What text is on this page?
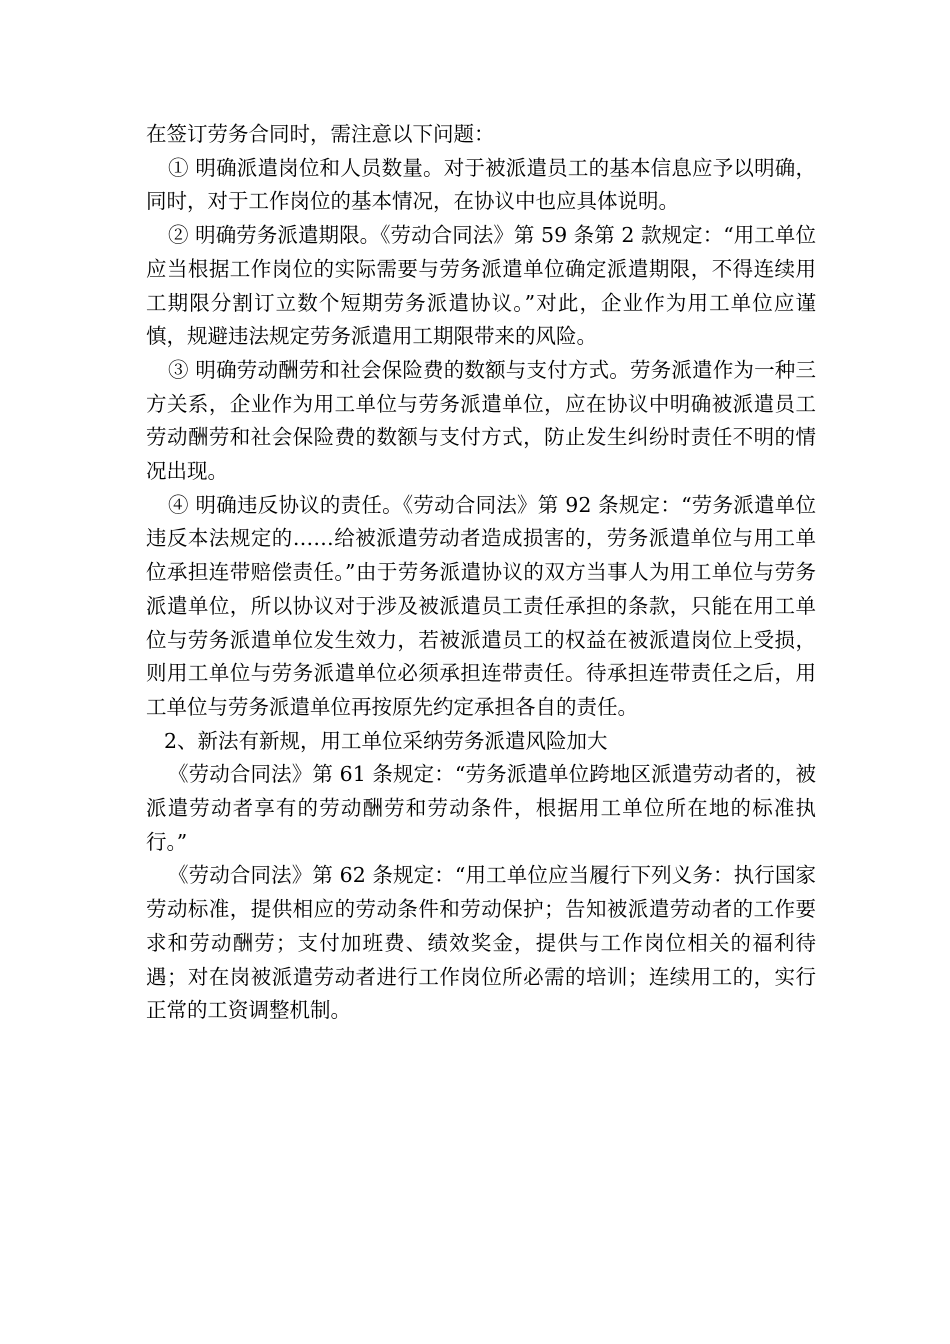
在签订劳务合同时，需注意以下问题：

① 明确派遣岗位和人员数量。对于被派遣员工的基本信息应予以明确，同时，对于工作岗位的基本情况，在协议中也应具体说明。

② 明确劳务派遣期限。《劳动合同法》第 59 条第 2 款规定：“用工单位应当根据工作岗位的实际需要与劳务派遣单位确定派遣期限，不得连续用工期限分割订立数个短期劳务派遣协议。”对此，企业作为用工单位应谨慎，规避违法规定劳务派遣用工期限带来的风险。

③ 明确劳动酬劳和社会保险费的数额与支付方式。劳务派遣作为一种三方关系，企业作为用工单位与劳务派遣单位，应在协议中明确被派遣员工劳动酬劳和社会保险费的数额与支付方式，防止发生纠纷时责任不明的情况出现。

④ 明确违反协议的责任。《劳动合同法》第 92 条规定：“劳务派遣单位违反本法规定的……给被派遣劳动者造成损害的，劳务派遣单位与用工单位承担连带赔偿责任。”由于劳务派遣协议的双方当事人为用工单位与劳务派遣单位，所以协议对于涉及被派遣员工责任承担的条款，只能在用工单位与劳务派遣单位发生效力，若被派遣员工的权益在被派遣岗位上受损，则用工单位与劳务派遣单位必须承担连带责任。待承担连带责任之后，用工单位与劳务派遣单位再按原先约定承担各自的责任。

2、新法有新规，用工单位采纳劳务派遣风险加大

《劳动合同法》第 61 条规定：“劳务派遣单位跨地区派遣劳动者的，被派遣劳动者享有的劳动酬劳和劳动条件，根据用工单位所在地的标准执行。”

《劳动合同法》第 62 条规定：“用工单位应当履行下列义务：执行国家劳动标准，提供相应的劳动条件和劳动保护；告知被派遣劳动者的工作要求和劳动酬劳；支付加班费、绩效奖金，提供与工作岗位相关的福利待遇；对在岗被派遣劳动者进行工作岗位所必需的培训；连续用工的，实行正常的工资调整机制。
